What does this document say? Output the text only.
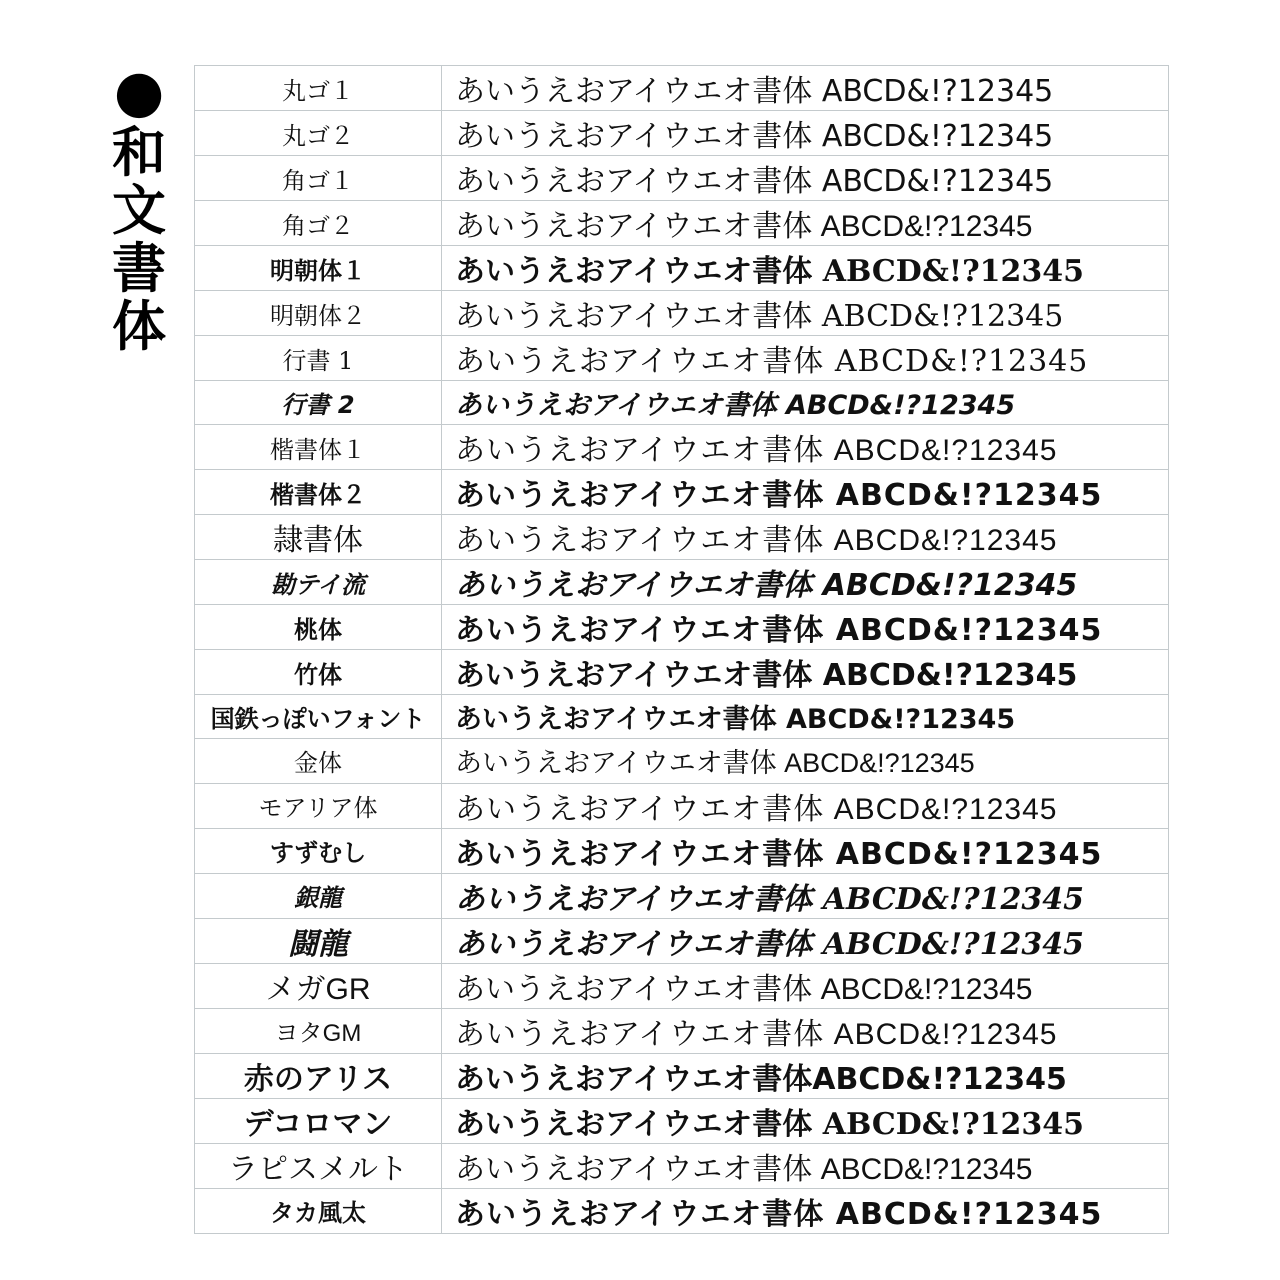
●
和
文
書
体
丸ゴ１	あいうえおアイウエオ書体 ABCD&!?12345
丸ゴ２	あいうえおアイウエオ書体 ABCD&!?12345
角ゴ１	あいうえおアイウエオ書体 ABCD&!?12345
角ゴ２	あいうえおアイウエオ書体 ABCD&!?12345
明朝体１	あいうえおアイウエオ書体 ABCD&!?12345
明朝体２	あいうえおアイウエオ書体 ABCD&!?12345
行書 1	あいうえおアイウエオ書体 ABCD&!?12345
行書 2	あいうえおアイウエオ書体 ABCD&!?12345
楷書体１	あいうえおアイウエオ書体 ABCD&!?12345
楷書体２	あいうえおアイウエオ書体 ABCD&!?12345
隷書体	あいうえおアイウエオ書体 ABCD&!?12345
勘テイ流	あいうえおアイウエオ書体 ABCD&!?12345
桃体	あいうえおアイウエオ書体 ABCD&!?12345
竹体	あいうえおアイウエオ書体 ABCD&!?12345
国鉄っぽいフォント	あいうえおアイウエオ書体 ABCD&!?12345
金体	あいうえおアイウエオ書体 ABCD&!?12345
モアリア体	あいうえおアイウエオ書体 ABCD&!?12345
すずむし	あいうえおアイウエオ書体 ABCD&!?12345
銀龍	あいうえおアイウエオ書体 ABCD&!?12345
闘龍	あいうえおアイウエオ書体 ABCD&!?12345
メガGR	あいうえおアイウエオ書体 ABCD&!?12345
ヨタGM	あいうえおアイウエオ書体 ABCD&!?12345
赤のアリス	あいうえおアイウエオ書体ABCD&!?12345
デコロマン	あいうえおアイウエオ書体 ABCD&!?12345
ラピスメルト	あいうえおアイウエオ書体 ABCD&!?12345
タカ風太	あいうえおアイウエオ書体 ABCD&!?12345
